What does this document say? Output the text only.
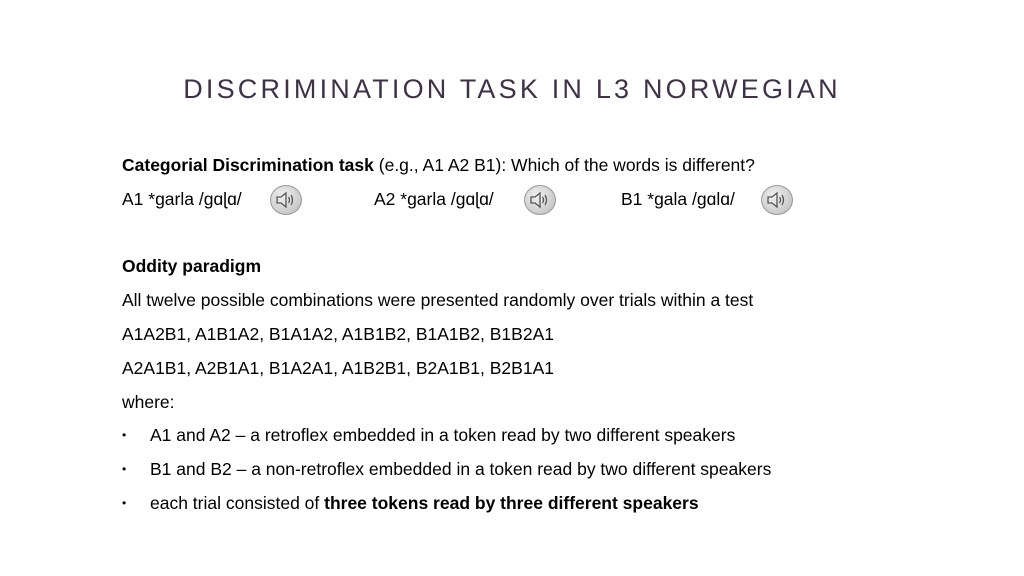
DISCRIMINATION TASK IN L3 NORWEGIAN
Categorial Discrimination task (e.g., A1 A2 B1): Which of the words is different?
A1 *garla /gɑɭɑ/	A2 *garla /gɑɭɑ/	B1 *gala /gɑlɑ/
Oddity paradigm
All twelve possible combinations were presented randomly over trials within a test
A1A2B1, A1B1A2, B1A1A2, A1B1B2, B1A1B2, B1B2A1
A2A1B1, A2B1A1, B1A2A1, A1B2B1, B2A1B1, B2B1A1
where:
•	A1 and A2 – a retroflex embedded in a token read by two different speakers
•	B1 and B2 – a non-retroflex embedded in a token read by two different speakers
•	each trial consisted of three tokens read by three different speakers
